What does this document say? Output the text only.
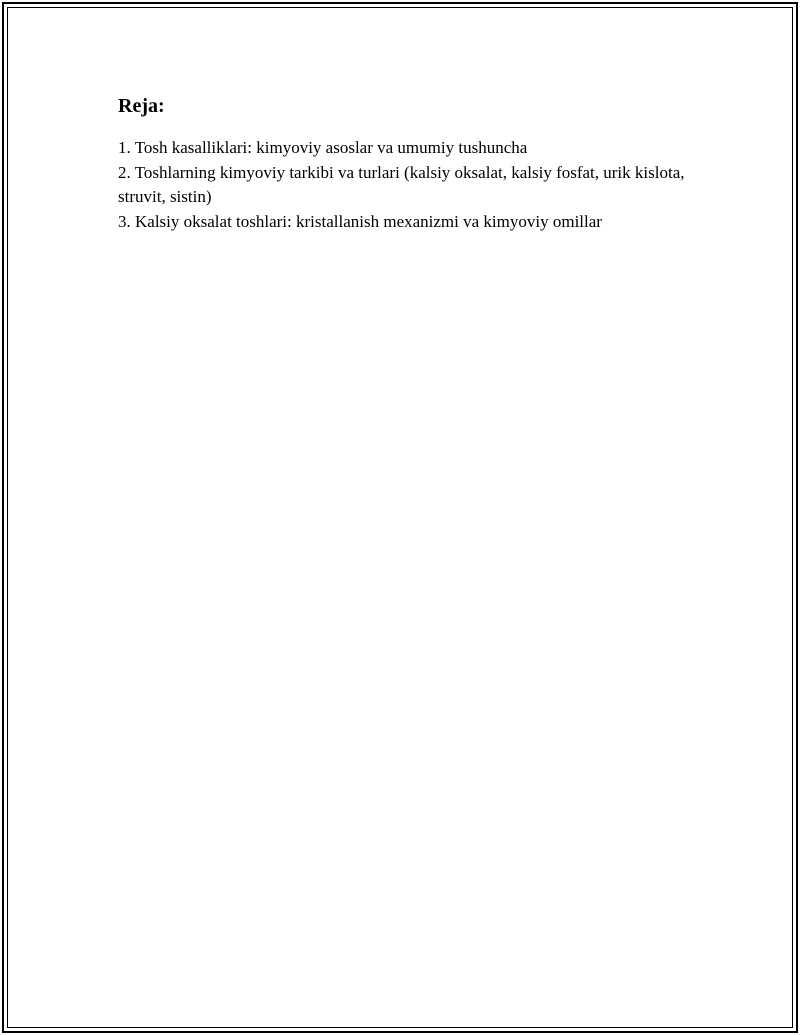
Reja:
1. Tosh kasalliklari: kimyoviy asoslar va umumiy tushuncha
2. Toshlarning kimyoviy tarkibi va turlari (kalsiy oksalat, kalsiy fosfat, urik kislota, struvit, sistin)
3. Kalsiy oksalat toshlari: kristallanish mexanizmi va kimyoviy omillar
